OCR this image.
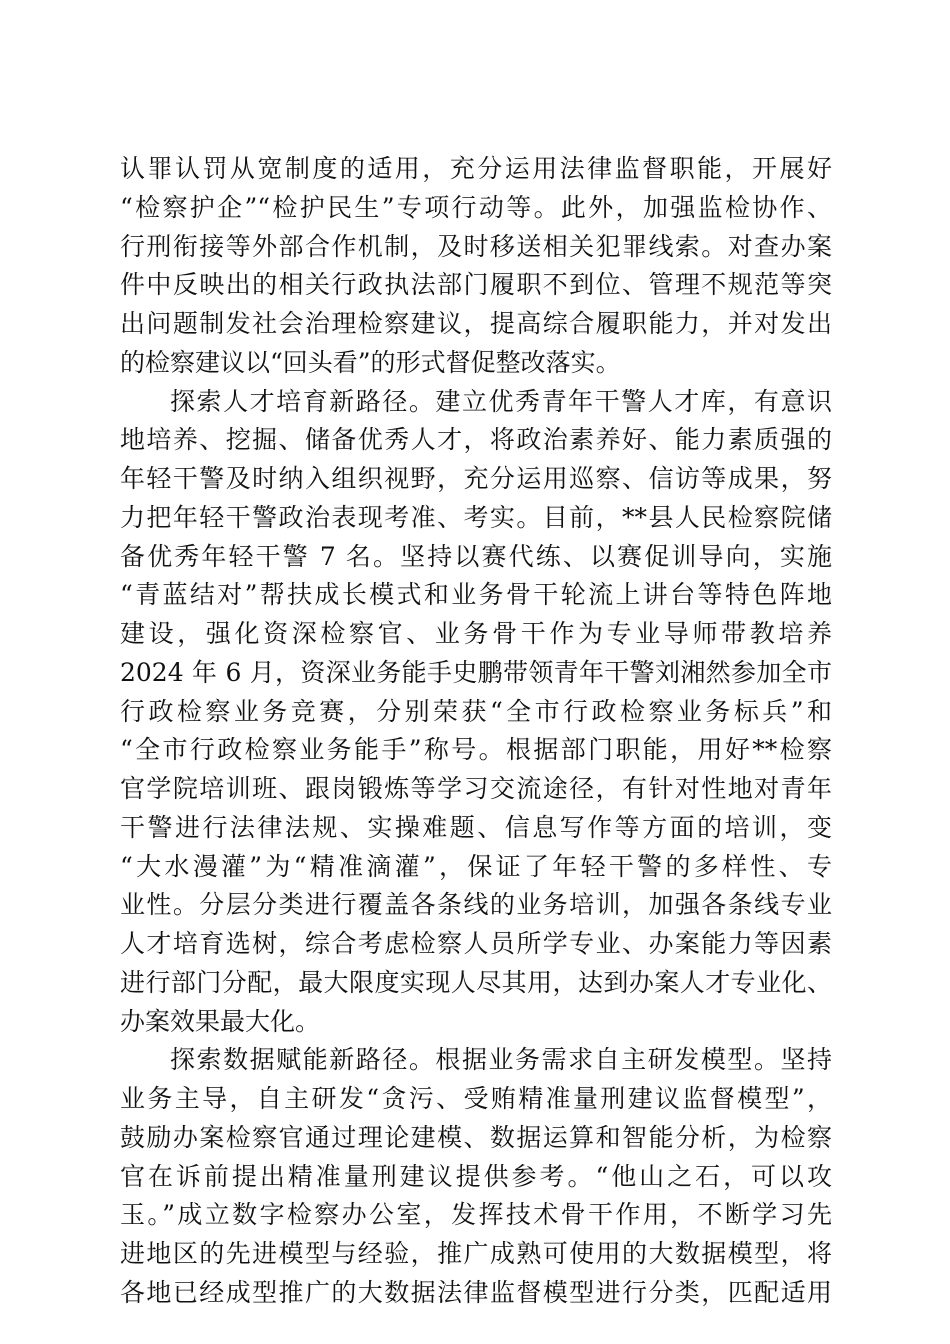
认罪认罚从宽制度的适用，充分运用法律监督职能，开展好
“检察护企”“检护民生”专项行动等。此外，加强监检协作、
行刑衔接等外部合作机制，及时移送相关犯罪线索。对查办案
件中反映出的相关行政执法部门履职不到位、管理不规范等突
出问题制发社会治理检察建议，提高综合履职能力，并对发出
的检察建议以“回头看”的形式督促整改落实。
探索人才培育新路径。建立优秀青年干警人才库，有意识
地培养、挖掘、储备优秀人才，将政治素养好、能力素质强的
年轻干警及时纳入组织视野，充分运用巡察、信访等成果，努
力把年轻干警政治表现考准、考实。目前，**县人民检察院储
备优秀年轻干警 7 名。坚持以赛代练、以赛促训导向，实施
“青蓝结对”帮扶成长模式和业务骨干轮流上讲台等特色阵地
建设，强化资深检察官、业务骨干作为专业导师带教培养
2024 年 6 月，资深业务能手史鹏带领青年干警刘湘然参加全市
行政检察业务竞赛，分别荣获“全市行政检察业务标兵”和
“全市行政检察业务能手”称号。根据部门职能，用好**检察
官学院培训班、跟岗锻炼等学习交流途径，有针对性地对青年
干警进行法律法规、实操难题、信息写作等方面的培训，变
“大水漫灌”为“精准滴灌”，保证了年轻干警的多样性、专
业性。分层分类进行覆盖各条线的业务培训，加强各条线专业
人才培育选树，综合考虑检察人员所学专业、办案能力等因素
进行部门分配，最大限度实现人尽其用，达到办案人才专业化、
办案效果最大化。
探索数据赋能新路径。根据业务需求自主研发模型。坚持
业务主导，自主研发“贪污、受贿精准量刑建议监督模型”，
鼓励办案检察官通过理论建模、数据运算和智能分析，为检察
官在诉前提出精准量刑建议提供参考。“他山之石，可以攻
玉。”成立数字检察办公室，发挥技术骨干作用，不断学习先
进地区的先进模型与经验，推广成熟可使用的大数据模型，将
各地已经成型推广的大数据法律监督模型进行分类，匹配适用
